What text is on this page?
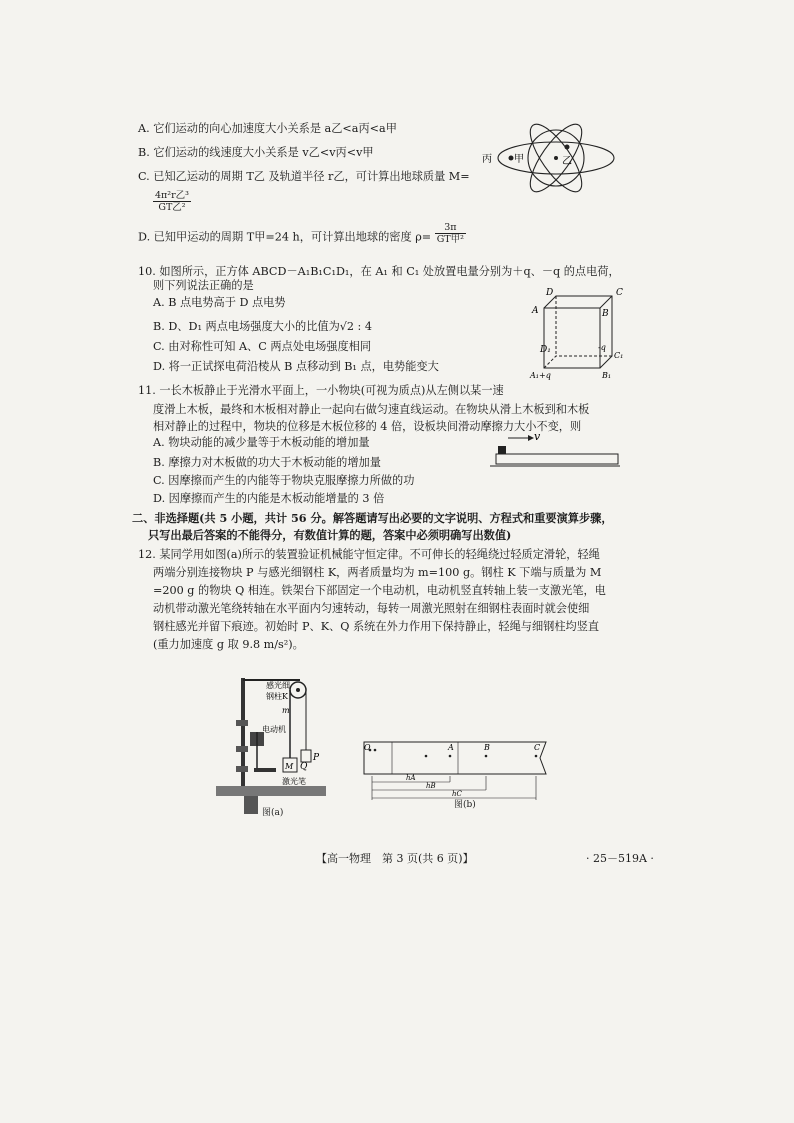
A. 它们运动的向心加速度大小关系是 a乙<a丙<a甲
B. 它们运动的线速度大小关系是 v乙<v丙<v甲
C. 已知乙运动的周期 T乙 及轨道半径 r乙，可计算出地球质量 M=
$\frac{\text{4π²r乙³}}{\text{GT乙²}}$
D. 已知甲运动的周期 T甲=24 h，可计算出地球的密度 $\rho= \frac{3\pi}{\text{GT甲²}}$
丙 甲	乙
10. 如图所示，正方体 ABCD－A₁B₁C₁D₁，在 A₁ 和 C₁ 处放置电量分别为＋q、－q 的点电荷，
则下列说法正确的是
A. B 点电势高于 D 点电势
B. D、D₁ 两点电场强度大小的比值为√2 : 4
C. 由对称性可知 A、C 两点处电场强度相同
D. 将一正试探电荷沿棱从 B 点移动到 B₁ 点，电势能变大
D	C
A	B
D₁
C₁
-q
A₁+q	B₁
11. 一长木板静止于光滑水平面上，一小物块(可视为质点)从左侧以某一速
度滑上木板，最终和木板相对静止一起向右做匀速直线运动。在物块从滑上木板到和木板
相对静止的过程中，物块的位移是木板位移的 4 倍，设板块间滑动摩擦力大小不变，则
A. 物块动能的减少量等于木板动能的增加量
B. 摩擦力对木板做的功大于木板动能的增加量
C. 因摩擦而产生的内能等于物块克服摩擦力所做的功
D. 因摩擦而产生的内能是木板动能增量的 3 倍
v
二、非选择题(共 5 小题，共计 56 分。解答题请写出必要的文字说明、方程式和重要演算步骤，
只写出最后答案的不能得分，有数值计算的题，答案中必须明确写出数值)
12. 某同学用如图(a)所示的装置验证机械能守恒定律。不可伸长的轻绳绕过轻质定滑轮，轻绳
两端分别连接物块 P 与感光细钢柱 K，两者质量均为 m=100 g。钢柱 K 下端与质量为 M
=200 g 的物块 Q 相连。铁架台下部固定一个电动机，电动机竖直转轴上装一支激光笔，电
动机带动激光笔绕转轴在水平面内匀速转动，每转一周激光照射在细钢柱表面时就会使细
钢柱感光并留下痕迹。初始时 P、K、Q 系统在外力作用下保持静止，轻绳与细钢柱均竖直
(重力加速度 g 取 9.8 m/s²)。
P
M Q
感光细
钢柱K
m
电动机
激光笔
图(a)
O	A	B	C
hA
hB
hC
图(b)
【高一物理　第 3 页(共 6 页)】	· 25－519A ·
